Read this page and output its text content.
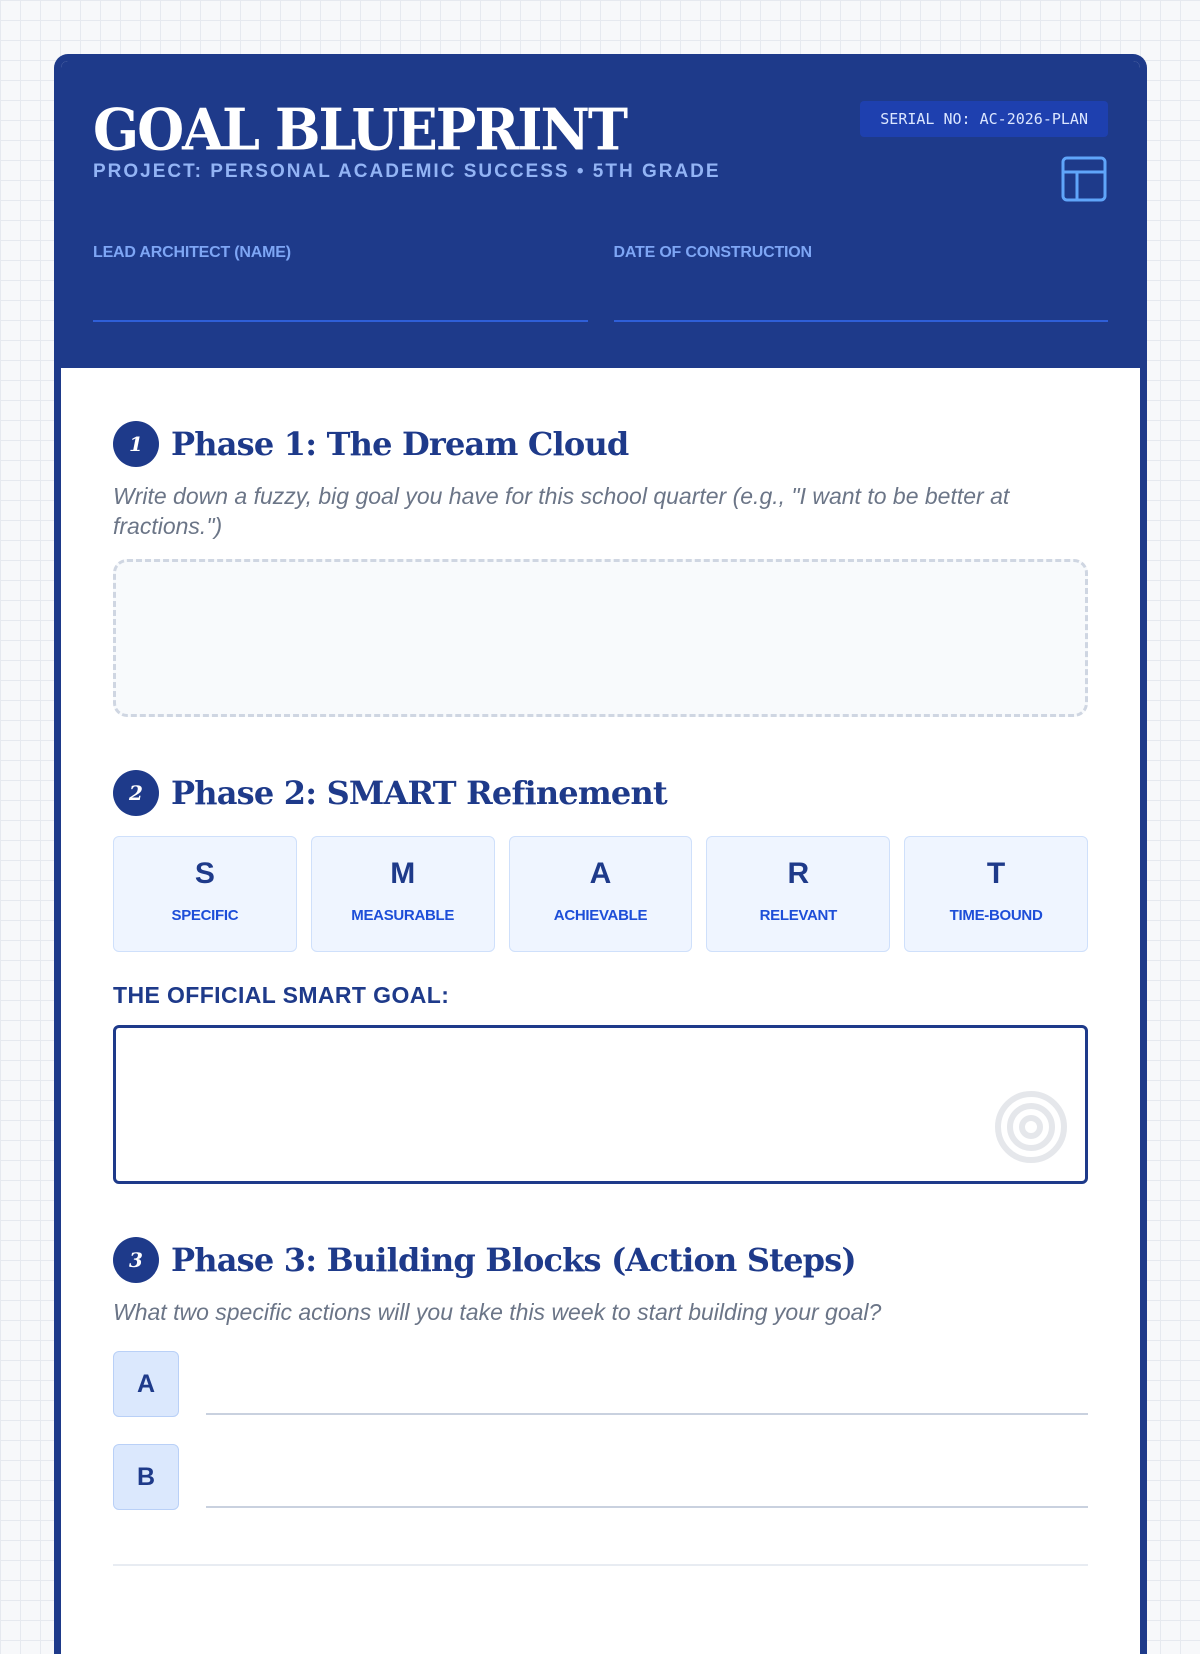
GOAL BLUEPRINT
PROJECT: PERSONAL ACADEMIC SUCCESS • 5TH GRADE
SERIAL NO: AC-2026-PLAN
LEAD ARCHITECT (NAME)	DATE OF CONSTRUCTION
1 Phase 1: The Dream Cloud
Write down a fuzzy, big goal you have for this school quarter (e.g., "I want to be better at fractions.")
2 Phase 2: SMART Refinement
S
SPECIFIC
M
MEASURABLE
A
ACHIEVABLE
R
RELEVANT
T
TIME-BOUND
THE OFFICIAL SMART GOAL:
3 Phase 3: Building Blocks (Action Steps)
What two specific actions will you take this week to start building your goal?
A
B
